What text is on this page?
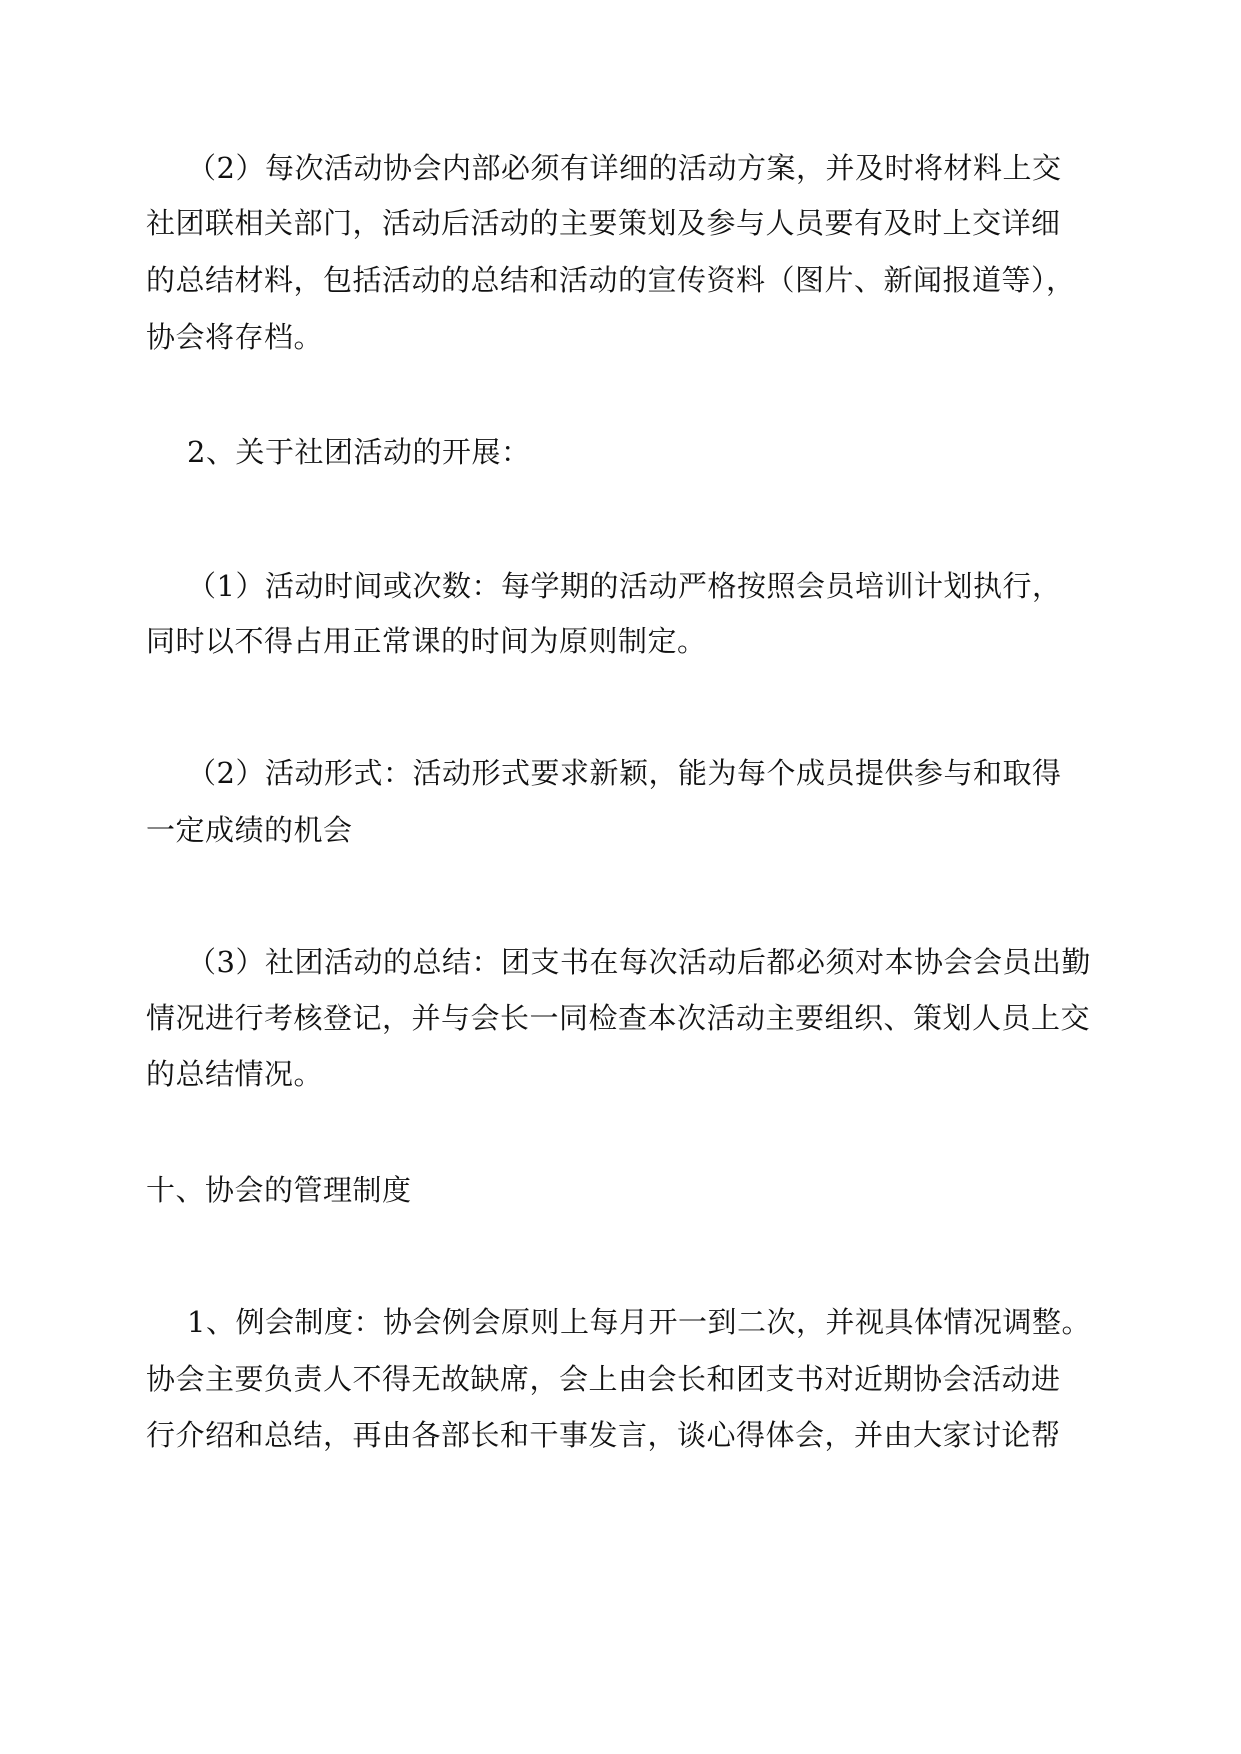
（2）每次活动协会内部必须有详细的活动方案，并及时将材料上交
社团联相关部门，活动后活动的主要策划及参与人员要有及时上交详细
的总结材料，包括活动的总结和活动的宣传资料（图片、新闻报道等），
协会将存档。
2、关于社团活动的开展：
（1）活动时间或次数：每学期的活动严格按照会员培训计划执行，
同时以不得占用正常课的时间为原则制定。
（2）活动形式：活动形式要求新颖，能为每个成员提供参与和取得
一定成绩的机会
（3）社团活动的总结：团支书在每次活动后都必须对本协会会员出勤
情况进行考核登记，并与会长一同检查本次活动主要组织、策划人员上交
的总结情况。
十、协会的管理制度
1、例会制度：协会例会原则上每月开一到二次，并视具体情况调整。
协会主要负责人不得无故缺席，会上由会长和团支书对近期协会活动进
行介绍和总结，再由各部长和干事发言，谈心得体会，并由大家讨论帮
